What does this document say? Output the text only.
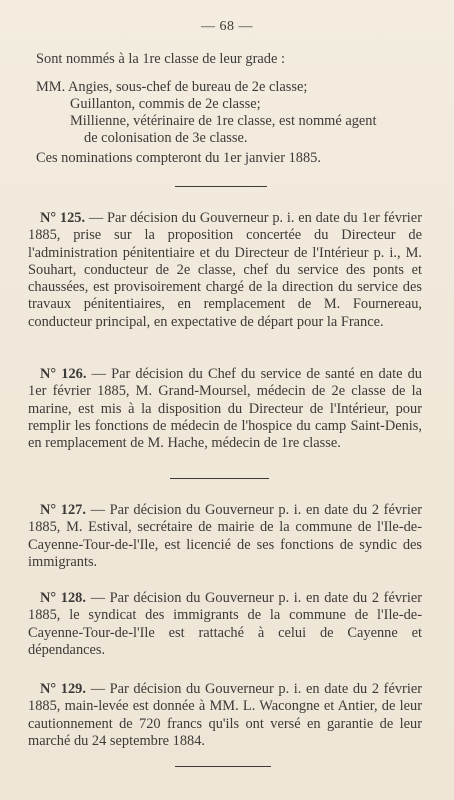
— 68 —

Sont nommés à la 1re classe de leur grade :

MM. Angies, sous-chef de bureau de 2e classe;

Guillanton, commis de 2e classe;

Millienne, vétérinaire de 1re classe, est nommé agent

de colonisation de 3e classe.

Ces nominations compteront du 1er janvier 1885.

N° 125. — Par décision du Gouverneur p. i. en date du 1er février 1885, prise sur la proposition concertée du Directeur de l'administration pénitentiaire et du Directeur de l'Intérieur p. i., M. Souhart, conducteur de 2e classe, chef du service des ponts et chaussées, est provisoirement chargé de la direction du service des travaux pénitentiaires, en remplacement de M. Fournereau, conducteur principal, en expectative de départ pour la France.

N° 126. — Par décision du Chef du service de santé en date du 1er février 1885, M. Grand-Moursel, médecin de 2e classe de la marine, est mis à la disposition du Directeur de l'Intérieur, pour remplir les fonctions de médecin de l'hospice du camp Saint-Denis, en remplacement de M. Hache, médecin de 1re classe.

N° 127. — Par décision du Gouverneur p. i. en date du 2 février 1885, M. Estival, secrétaire de mairie de la commune de l'Ile-de-Cayenne-Tour-de-l'Ile, est licencié de ses fonctions de syndic des immigrants.

N° 128. — Par décision du Gouverneur p. i. en date du 2 février 1885, le syndicat des immigrants de la commune de l'Ile-de-Cayenne-Tour-de-l'Ile est rattaché à celui de Cayenne et dépendances.

N° 129. — Par décision du Gouverneur p. i. en date du 2 février 1885, main-levée est donnée à MM. L. Wacongne et Antier, de leur cautionnement de 720 francs qu'ils ont versé en garantie de leur marché du 24 septembre 1884.
